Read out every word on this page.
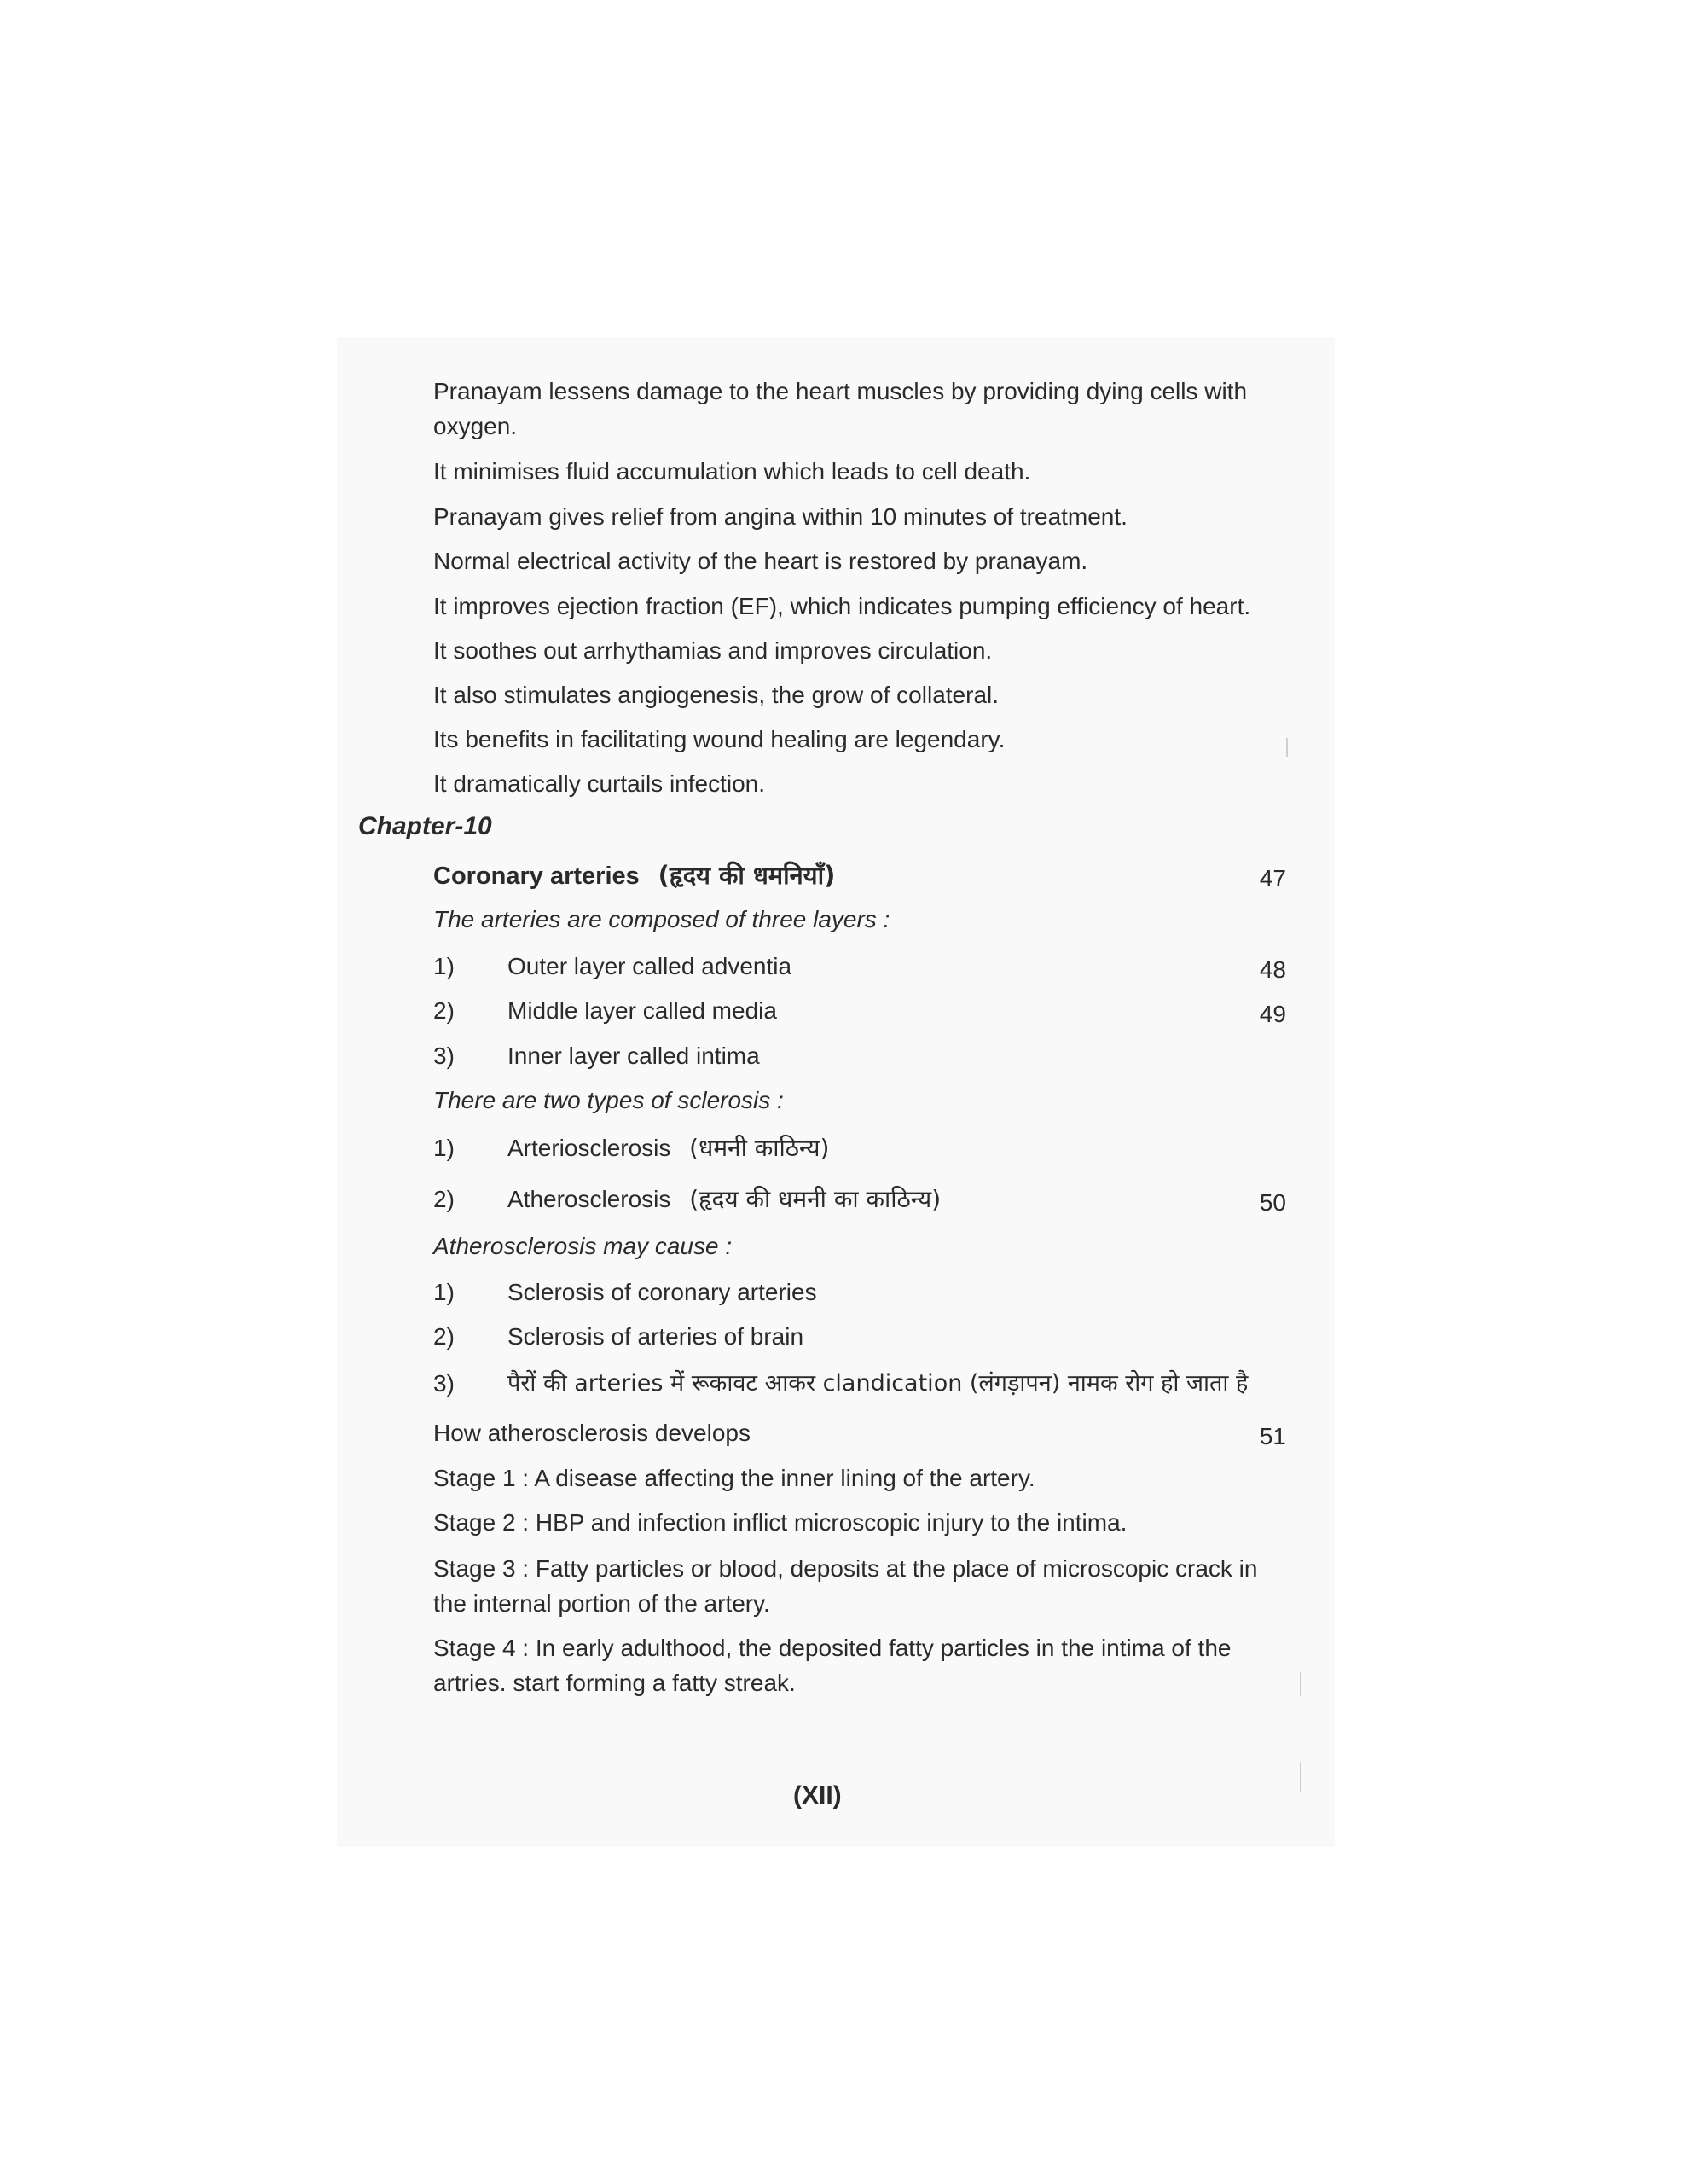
Pranayam lessens damage to the heart muscles by providing dying cells with oxygen.
It minimises fluid accumulation which leads to cell death.
Pranayam gives relief from angina within 10 minutes of treatment.
Normal electrical activity of the heart is restored by pranayam.
It improves ejection fraction (EF), which indicates pumping efficiency of heart.
It soothes out arrhythamias and improves circulation.
It also stimulates angiogenesis, the grow of collateral.
Its benefits in facilitating wound healing are legendary.
It dramatically curtails infection.
Chapter-10
Coronary arteries (हृदय की धमनियाँ)	47
The arteries are composed of three layers :
1) Outer layer called adventia	48
2) Middle layer called media	49
3) Inner layer called intima
There are two types of sclerosis :
1) Arteriosclerosis (धमनी काठिन्य)
2) Atherosclerosis (हृदय की धमनी का काठिन्य)	50
Atherosclerosis may cause :
1) Sclerosis of coronary arteries
2) Sclerosis of arteries of brain
3) पैरों की arteries में रूकावट आकर clandication (लंगड़ापन) नामक रोग हो जाता है
How atherosclerosis develops	51
Stage 1 : A disease affecting the inner lining of the artery.
Stage 2 : HBP and infection inflict microscopic injury to the intima.
Stage 3 : Fatty particles or blood, deposits at the place of microscopic crack in the internal portion of the artery.
Stage 4 : In early adulthood, the deposited fatty particles in the intima of the artries. start forming a fatty streak.
(XII)
